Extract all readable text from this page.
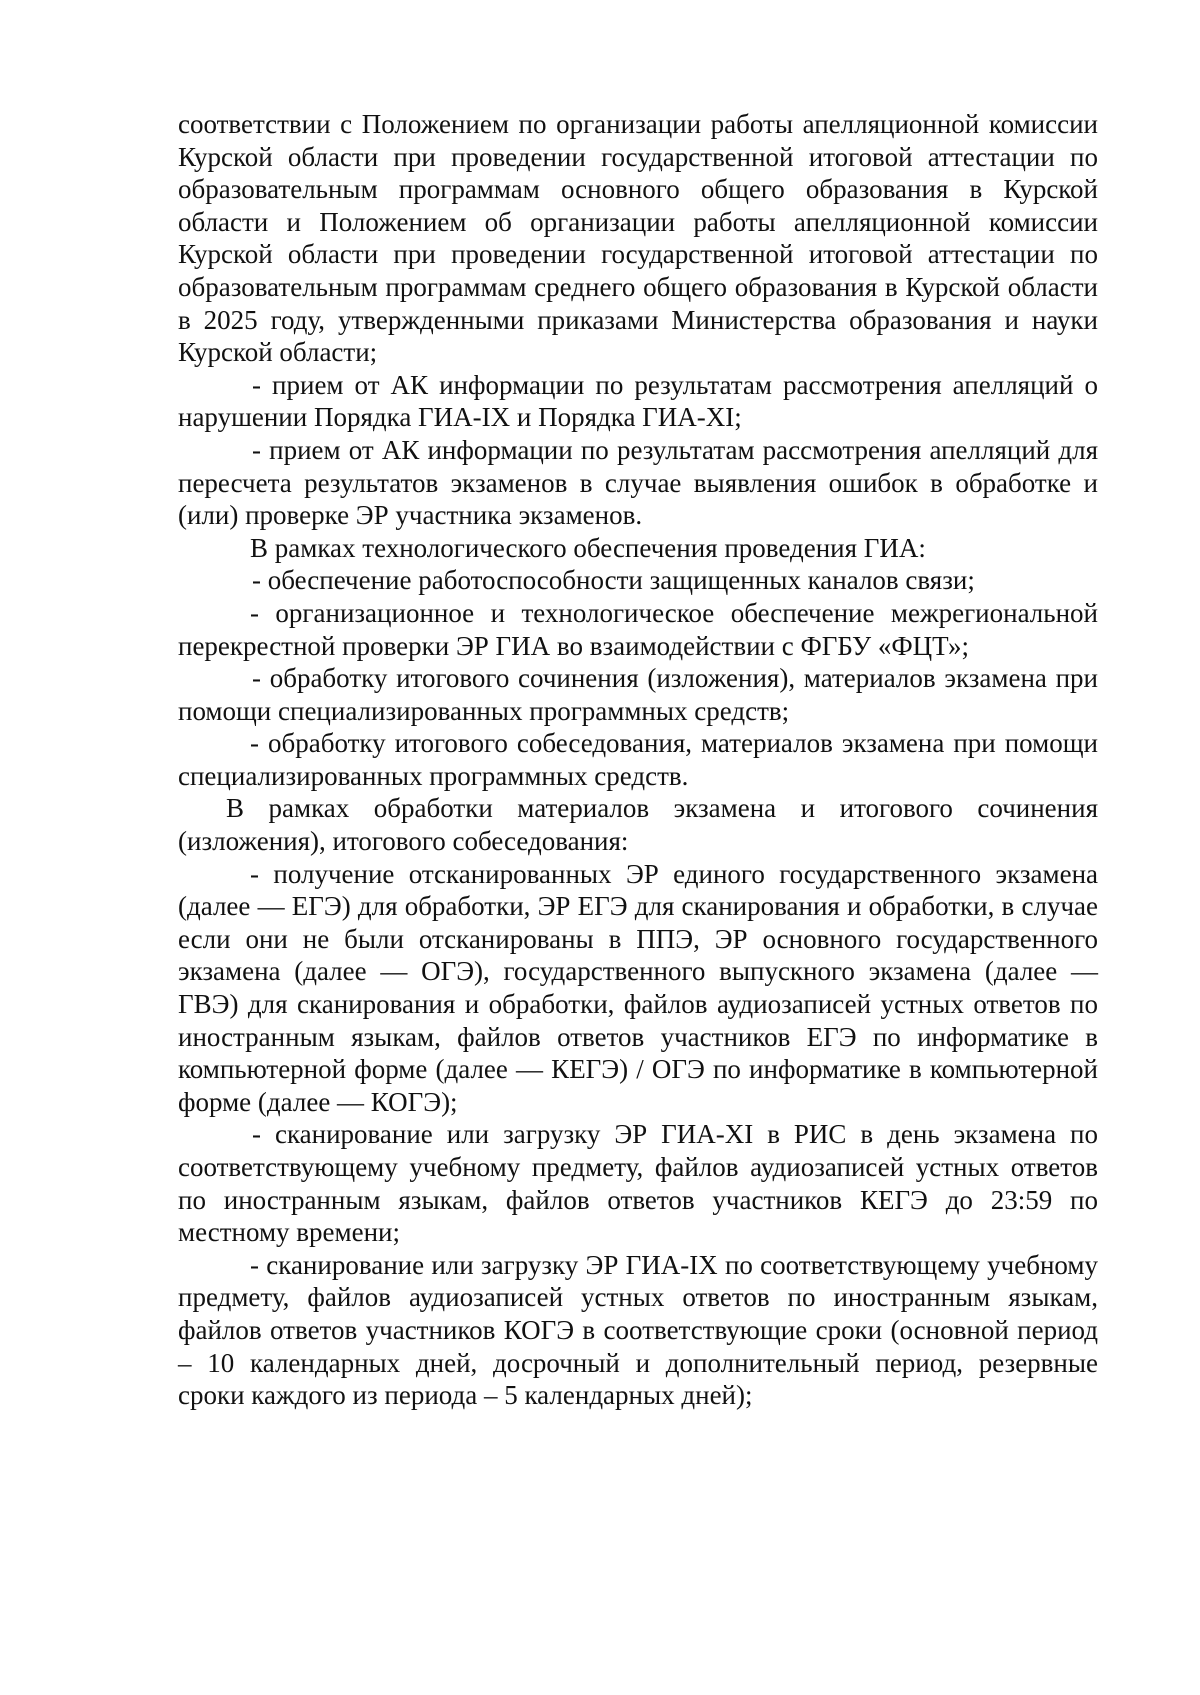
соответствии с Положением по организации работы апелляционной комиссии Курской области при проведении государственной итоговой аттестации по образовательным программам основного общего образования в Курской области и Положением об организации работы апелляционной комиссии Курской области при проведении государственной итоговой аттестации по образовательным программам среднего общего образования в Курской области в 2025 году, утвержденными приказами Министерства образования и науки Курской области;

- прием от АК информации по результатам рассмотрения апелляций о нарушении Порядка ГИА-IX и Порядка ГИА-XI;

- прием от АК информации по результатам рассмотрения апелляций для пересчета результатов экзаменов в случае выявления ошибок в обработке и (или) проверке ЭР участника экзаменов.

В рамках технологического обеспечения проведения ГИА:

- обеспечение работоспособности защищенных каналов связи;

- организационное и технологическое обеспечение межрегиональной перекрестной проверки ЭР ГИА во взаимодействии с ФГБУ «ФЦТ»;

- обработку итогового сочинения (изложения), материалов экзамена при помощи специализированных программных средств;

- обработку итогового собеседования, материалов экзамена при помощи специализированных программных средств.

В рамках обработки материалов экзамена и итогового сочинения (изложения), итогового собеседования:

- получение отсканированных ЭР единого государственного экзамена (далее — ЕГЭ) для обработки, ЭР ЕГЭ для сканирования и обработки, в случае если они не были отсканированы в ППЭ, ЭР основного государственного экзамена (далее — ОГЭ), государственного выпускного экзамена (далее — ГВЭ) для сканирования и обработки, файлов аудиозаписей устных ответов по иностранным языкам, файлов ответов участников ЕГЭ по информатике в компьютерной форме (далее — КЕГЭ) / ОГЭ по информатике в компьютерной форме (далее — КОГЭ);

- сканирование или загрузку ЭР ГИА-XI в РИС в день экзамена по соответствующему учебному предмету, файлов аудиозаписей устных ответов по иностранным языкам, файлов ответов участников КЕГЭ до 23:59 по местному времени;

- сканирование или загрузку ЭР ГИА-IX по соответствующему учебному предмету, файлов аудиозаписей устных ответов по иностранным языкам, файлов ответов участников КОГЭ в соответствующие сроки (основной период – 10 календарных дней, досрочный и дополнительный период, резервные сроки каждого из периода – 5 календарных дней);
